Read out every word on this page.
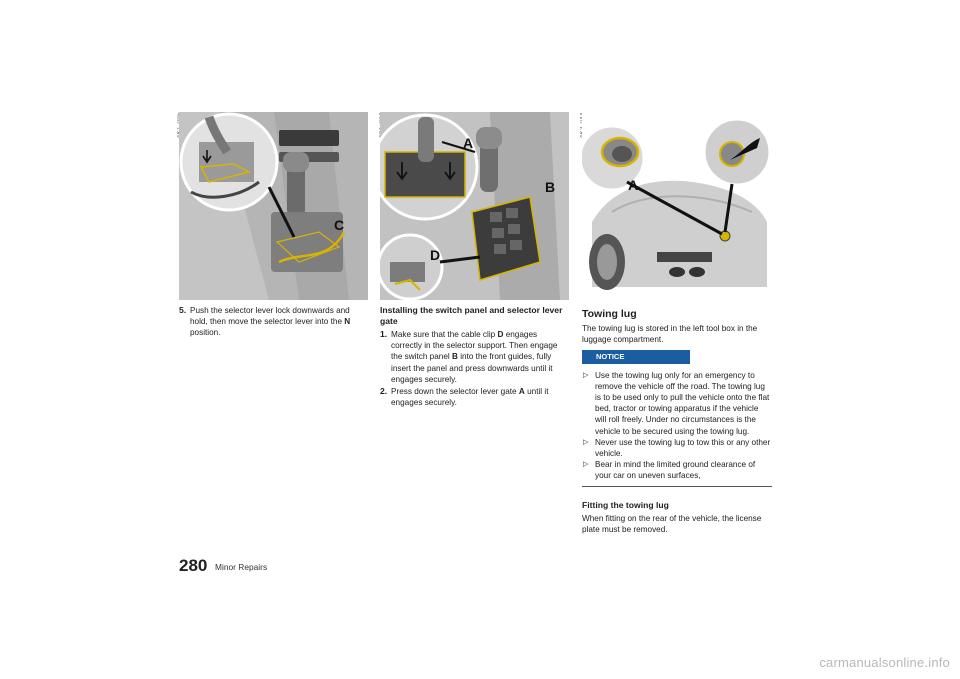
C
A
B
D
A
5. Push the selector lever lock downwards and hold, then move the selector lever into the N position.
Installing the switch panel and selector lever gate
1. Make sure that the cable clip D engages correctly in the selector support. Then engage the switch panel B into the front guides, fully insert the panel and press downwards until it engages securely.
2. Press down the selector lever gate A until it engages securely.
Towing lug
The towing lug is stored in the left tool box in the luggage compartment.
NOTICE
▷ Use the towing lug only for an emergency to remove the vehicle off the road. The towing lug is to be used only to pull the vehicle onto the flat bed, tractor or towing apparatus if the vehicle will roll freely. Under no circumstances is the vehicle to be secured using the towing lug.
▷ Never use the towing lug to tow this or any other vehicle.
▷ Bear in mind the limited ground clearance of your car on uneven surfaces,
Fitting the towing lug
When fitting on the rear of the vehicle, the license plate must be removed.
280 Minor Repairs
carmanualsonline.info
